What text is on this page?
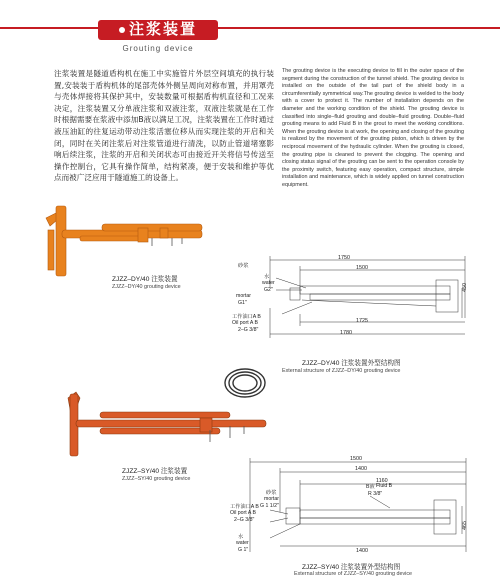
注浆装置
Grouting device
注浆装置是隧道盾构机在施工中实施管片外层空间填充的执行装置,安装装于盾构机体的尾部壳体外侧呈周向对称布置，并用罩壳与壳体焊接将其保护其中，安装数量可根据盾构机直径和工况来决定，注浆装置又分单液注浆和双液注浆，双液注浆就是在工作时根据需要在浆液中添加B液以满足工况，注浆装置在工作时通过液压油缸的往复运动带动注浆活塞位移从而实现注浆的开启和关闭，同时在关闭注浆后对注浆管道进行清洗，以防止管道堵塞影响后续注浆，注浆的开启和关闭状态可由接近开关将信号传送至操作控制台，它具有操作简单，结构紧凑，便于安装和维护等优点而被广泛应用于隧道施工的设备上。
The grouting device is the executing device to fill in the outer space of the segment during the construction of the tunnel shield. The grouting device is installed on the outside of the tail part of the shield body in a circumferentially symmetrical way.The grouting device is welded to the body with a cover to protect it. The number of installation depends on the diameter and the working condition of the shield. The grouting device is classified into single–fluid grouting and double–fluid grouting. Double–fluid grouting means to add Fluid B in the grout to meet the working conditions. When the grouting device is at work, the opening and closing of the grouting is realized by the movement of the grouting piston, which is driven by the reciprocal movement of the hydraulic cylinder. When the grouting is closed, the grouting pipe is cleaned to prevent the clogging. The opening and closing status signal of the grouting can be sent to the operation console by the proximity switch, featuring easy operation, compact structure, simple installation and maintenance, which is widely applied on tunnel construction equipment.
ZJZZ–DY/40 注浆装置
ZJZZ–DY/40 grouting device
1750
1500
1725
1780
450
水
water
G2"
砂浆
mortar
G1"
工作油口A B
Oil port A B
2–G 3/8"
ZJZZ–DY/40 注浆装置外型结构图
External structure of ZJZZ–DY/40 grouting device
ZJZZ–SY/40 注浆装置
ZJZZ–SY/40 grouting device
1500
1400
1160
465
1400
B液 Fluid B
R 3/8"
砂浆
mortar
G 1 1/2"
工作油口A B
Oil port A B
2–G 3/8"
水
water
G 1"
ZJZZ–SY/40 注浆装置外型结构图
External structure of ZJZZ–SY/40 grouting device
